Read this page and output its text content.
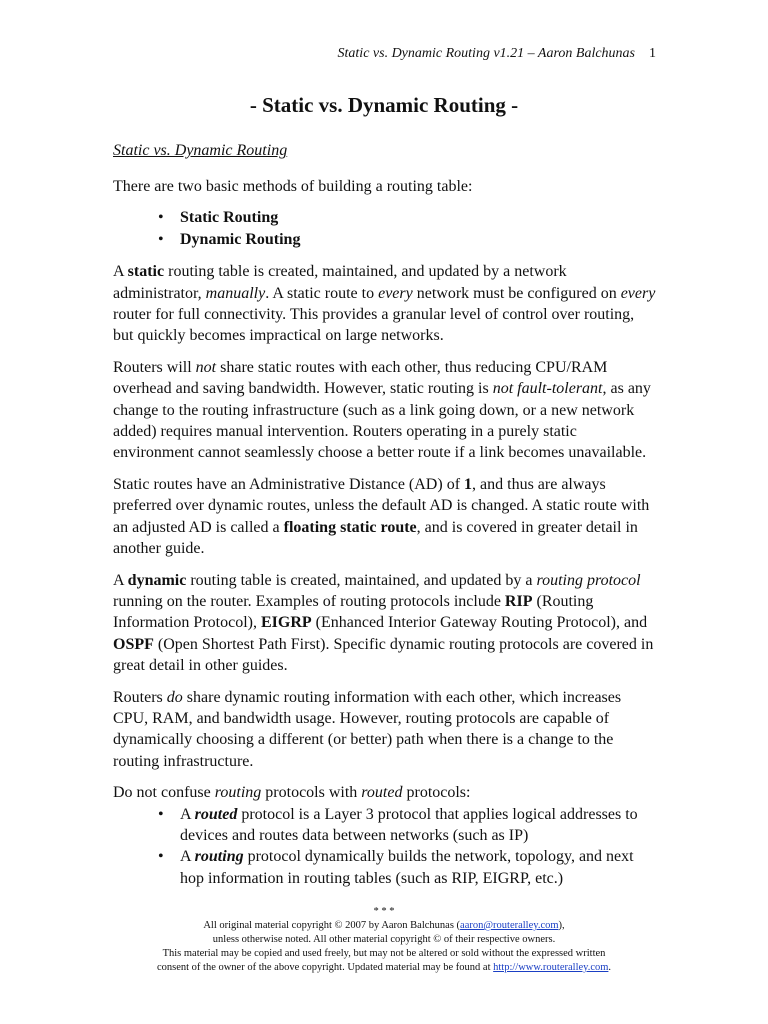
Static vs. Dynamic Routing v1.21 – Aaron Balchunas 1
- Static vs. Dynamic Routing -
Static vs. Dynamic Routing

There are two basic methods of building a routing table:

• Static Routing
• Dynamic Routing

A static routing table is created, maintained, and updated by a network administrator, manually. A static route to every network must be configured on every router for full connectivity. This provides a granular level of control over routing, but quickly becomes impractical on large networks.

Routers will not share static routes with each other, thus reducing CPU/RAM overhead and saving bandwidth. However, static routing is not fault-tolerant, as any change to the routing infrastructure (such as a link going down, or a new network added) requires manual intervention. Routers operating in a purely static environment cannot seamlessly choose a better route if a link becomes unavailable.

Static routes have an Administrative Distance (AD) of 1, and thus are always preferred over dynamic routes, unless the default AD is changed. A static route with an adjusted AD is called a floating static route, and is covered in greater detail in another guide.

A dynamic routing table is created, maintained, and updated by a routing protocol running on the router. Examples of routing protocols include RIP (Routing Information Protocol), EIGRP (Enhanced Interior Gateway Routing Protocol), and OSPF (Open Shortest Path First). Specific dynamic routing protocols are covered in great detail in other guides.

Routers do share dynamic routing information with each other, which increases CPU, RAM, and bandwidth usage. However, routing protocols are capable of dynamically choosing a different (or better) path when there is a change to the routing infrastructure.

Do not confuse routing protocols with routed protocols:

• A routed protocol is a Layer 3 protocol that applies logical addresses to devices and routes data between networks (such as IP)
• A routing protocol dynamically builds the network, topology, and next hop information in routing tables (such as RIP, EIGRP, etc.)
* * *
All original material copyright © 2007 by Aaron Balchunas (aaron@routeralley.com),
unless otherwise noted. All other material copyright © of their respective owners.
This material may be copied and used freely, but may not be altered or sold without the expressed written
consent of the owner of the above copyright. Updated material may be found at http://www.routeralley.com.
